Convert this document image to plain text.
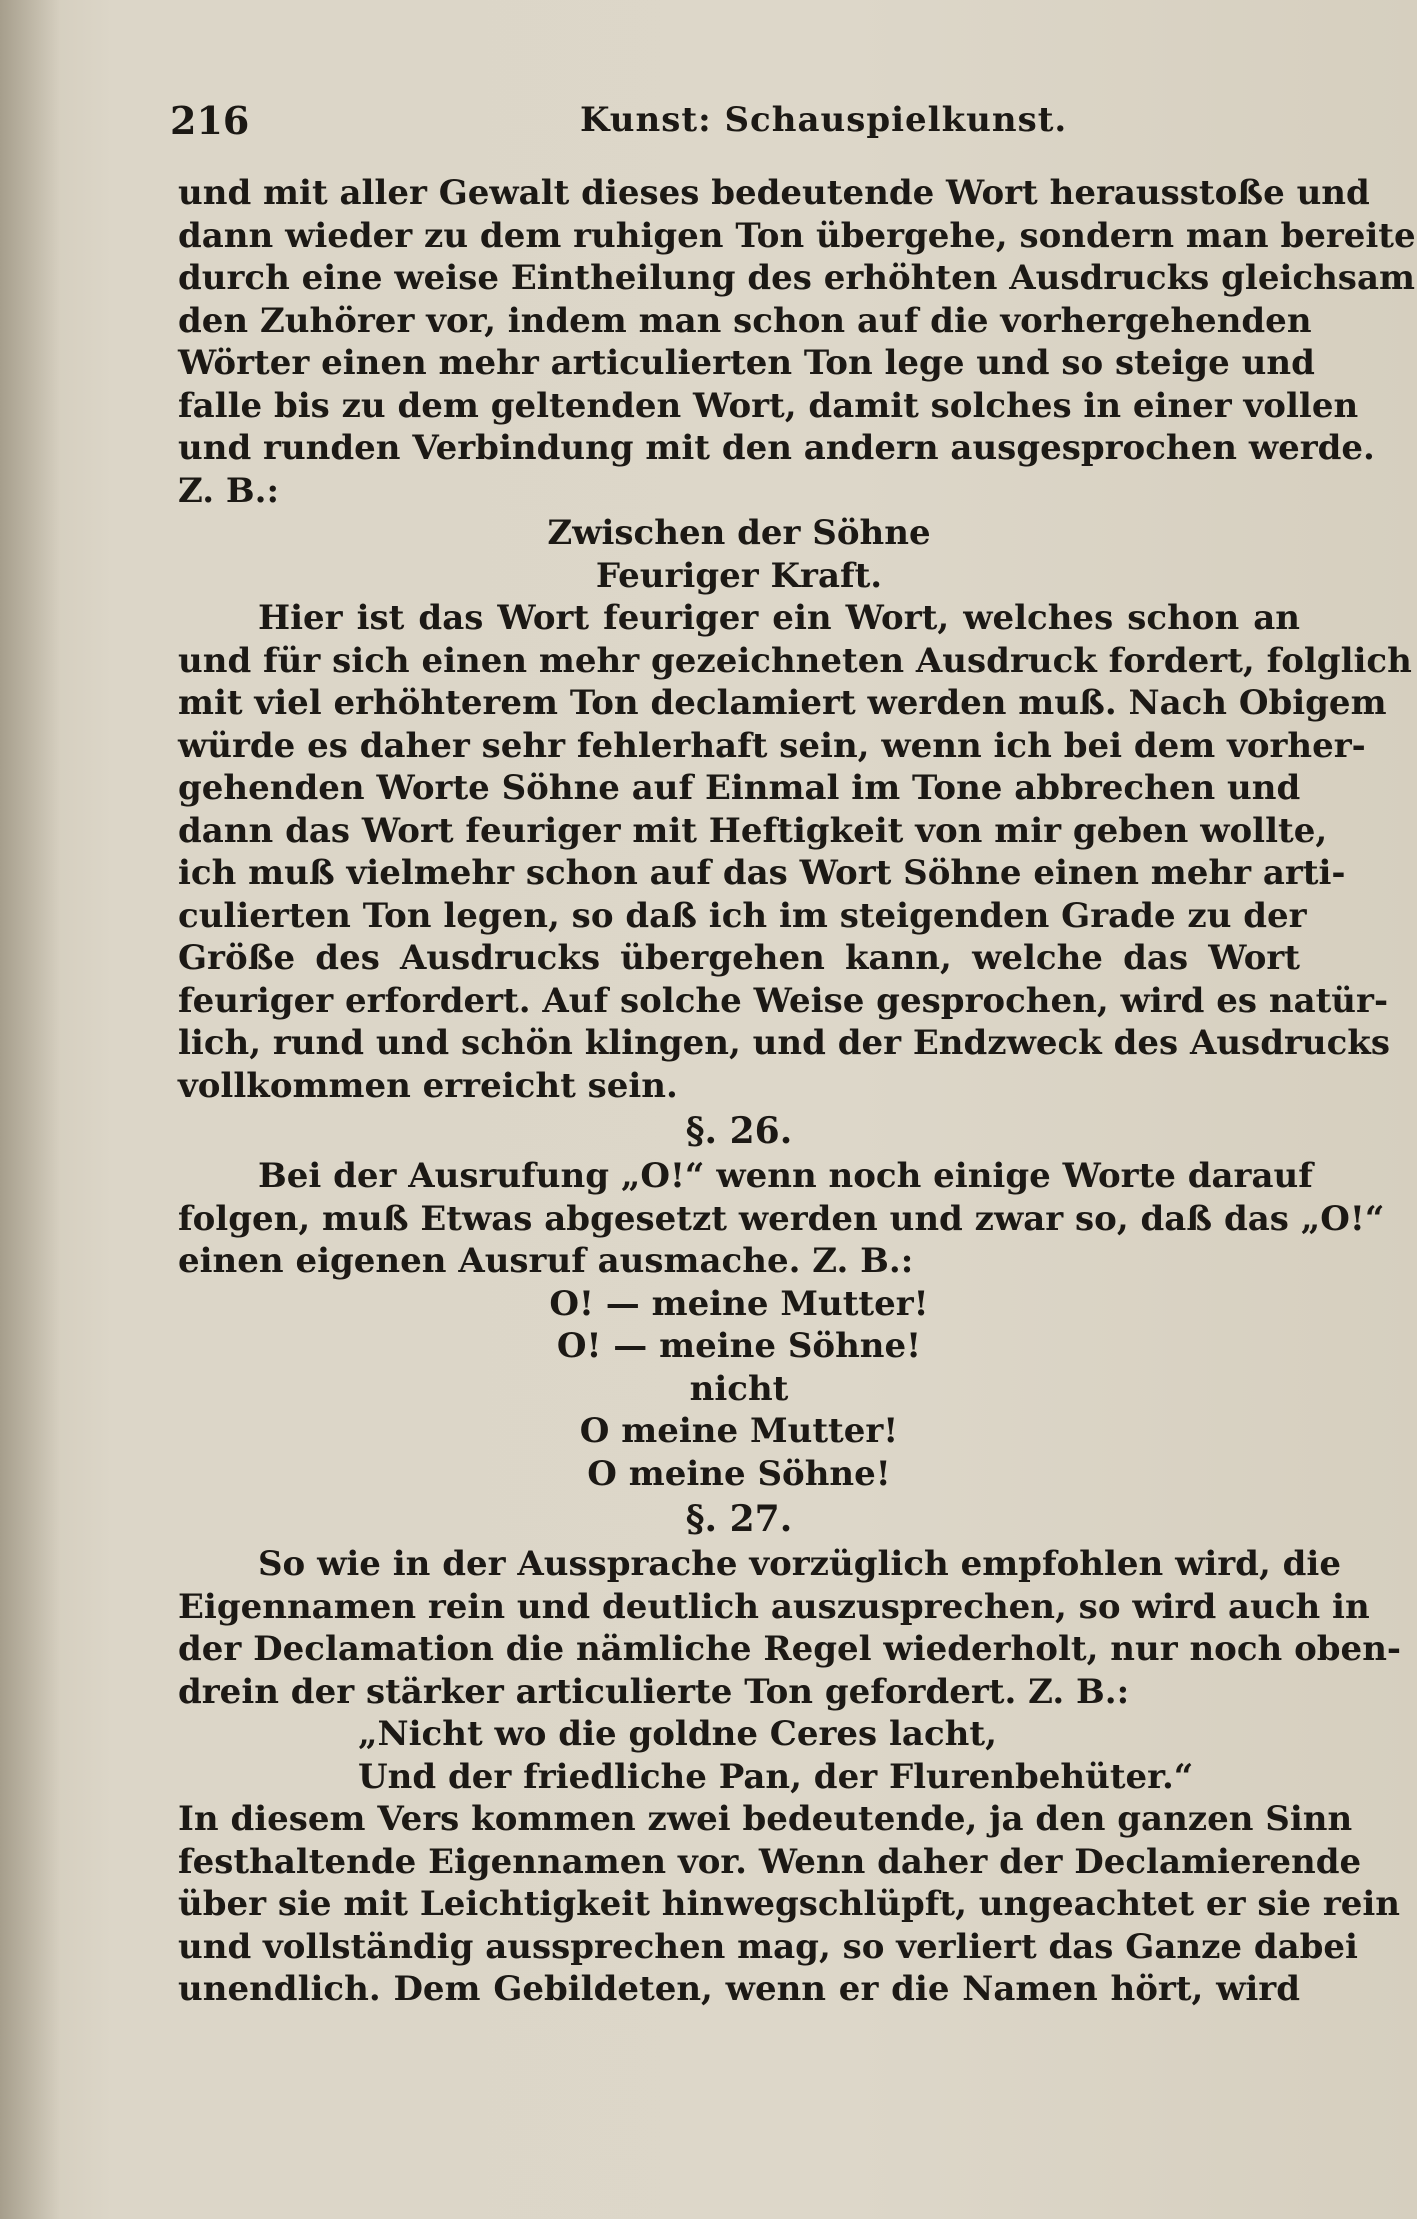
216	Kunst: Schauspielkunst.
und mit aller Gewalt dieses bedeutende Wort herausstoße und
dann wieder zu dem ruhigen Ton übergehe, sondern man bereite
durch eine weise Eintheilung des erhöhten Ausdrucks gleichsam
den Zuhörer vor, indem man schon auf die vorhergehenden
Wörter einen mehr articulierten Ton lege und so steige und
falle bis zu dem geltenden Wort, damit solches in einer vollen
und runden Verbindung mit den andern ausgesprochen werde.
Z. B.:
Zwischen der Söhne
Feuriger Kraft.
Hier ist das Wort feuriger ein Wort, welches schon an
und für sich einen mehr gezeichneten Ausdruck fordert, folglich
mit viel erhöhterem Ton declamiert werden muß. Nach Obigem
würde es daher sehr fehlerhaft sein, wenn ich bei dem vorher-
gehenden Worte Söhne auf Einmal im Tone abbrechen und
dann das Wort feuriger mit Heftigkeit von mir geben wollte,
ich muß vielmehr schon auf das Wort Söhne einen mehr arti-
culierten Ton legen, so daß ich im steigenden Grade zu der
Größe des Ausdrucks übergehen kann, welche das Wort
feuriger erfordert. Auf solche Weise gesprochen, wird es natür-
lich, rund und schön klingen, und der Endzweck des Ausdrucks
vollkommen erreicht sein.
§. 26.
Bei der Ausrufung „O!“ wenn noch einige Worte darauf
folgen, muß Etwas abgesetzt werden und zwar so, daß das „O!“
einen eigenen Ausruf ausmache. Z. B.:
O! — meine Mutter!
O! — meine Söhne!
nicht
O meine Mutter!
O meine Söhne!
§. 27.
So wie in der Aussprache vorzüglich empfohlen wird, die
Eigennamen rein und deutlich auszusprechen, so wird auch in
der Declamation die nämliche Regel wiederholt, nur noch oben-
drein der stärker articulierte Ton gefordert. Z. B.:
„Nicht wo die goldne Ceres lacht,
Und der friedliche Pan, der Flurenbehüter.“
In diesem Vers kommen zwei bedeutende, ja den ganzen Sinn
festhaltende Eigennamen vor. Wenn daher der Declamierende
über sie mit Leichtigkeit hinwegschlüpft, ungeachtet er sie rein
und vollständig aussprechen mag, so verliert das Ganze dabei
unendlich. Dem Gebildeten, wenn er die Namen hört, wird
